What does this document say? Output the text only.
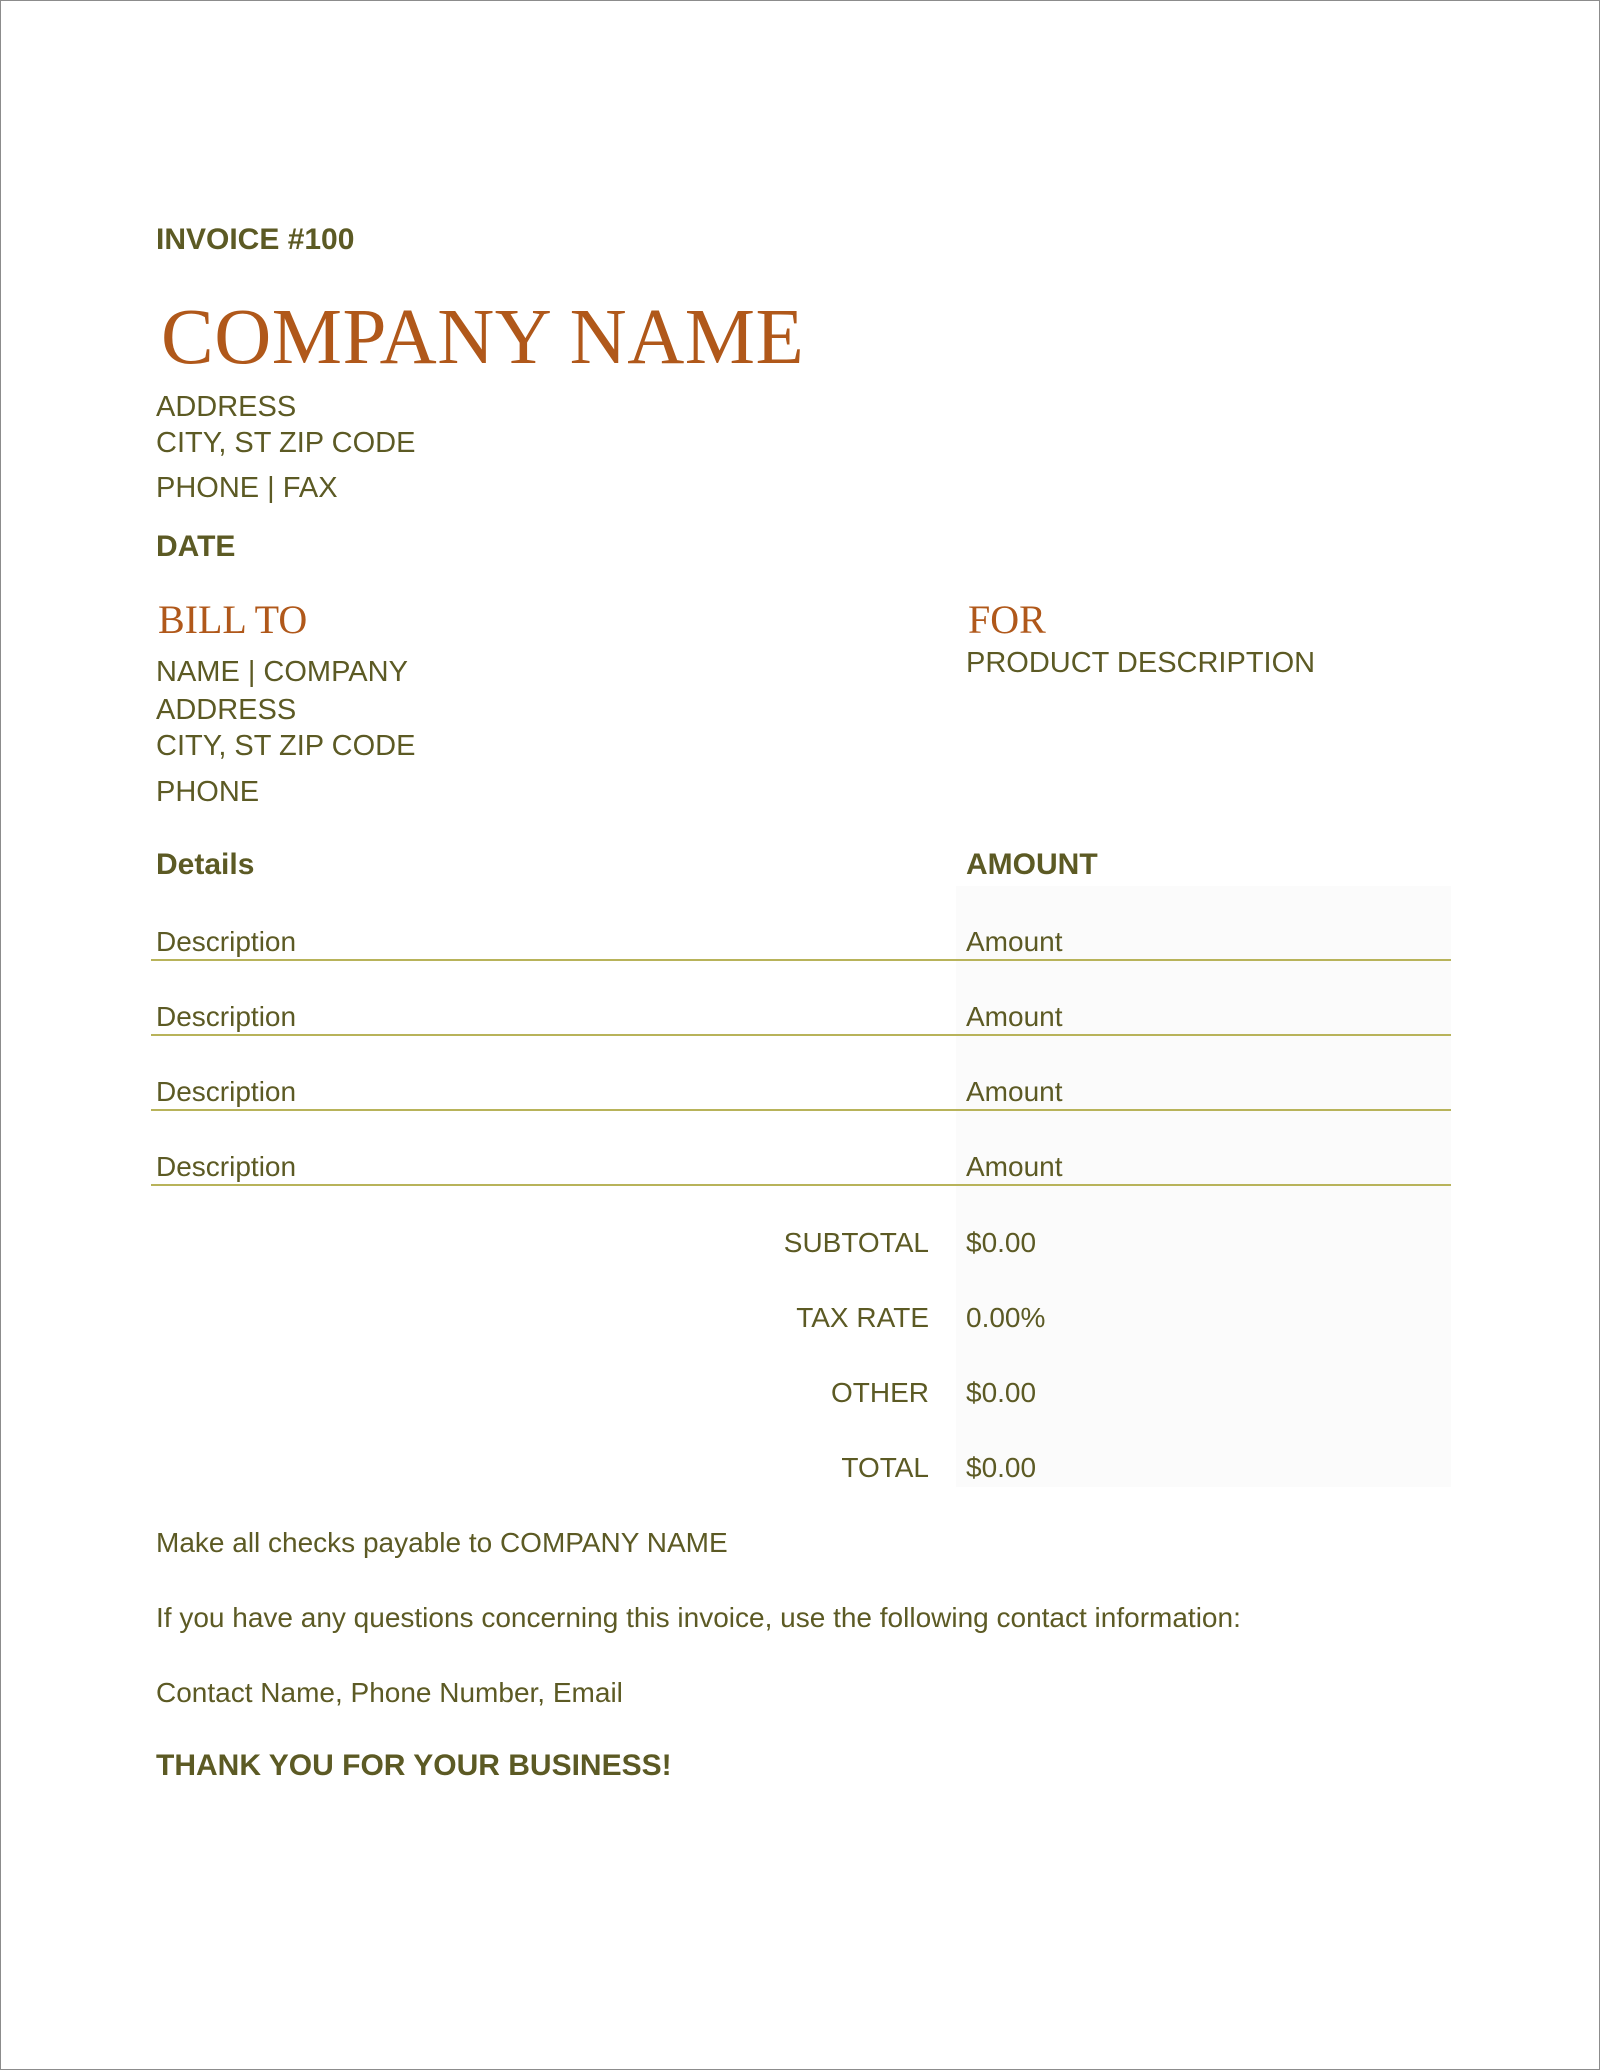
INVOICE #100
COMPANY NAME
ADDRESS
CITY, ST ZIP CODE
PHONE | FAX
DATE
BILL TO
NAME | COMPANY
ADDRESS
CITY, ST ZIP CODE
PHONE
FOR
PRODUCT DESCRIPTION
Details	AMOUNT
Description	Amount
Description	Amount
Description	Amount
Description	Amount
SUBTOTAL $0.00
TAX RATE 0.00%
OTHER $0.00
TOTAL $0.00
Make all checks payable to COMPANY NAME
If you have any questions concerning this invoice, use the following contact information:
Contact Name, Phone Number, Email
THANK YOU FOR YOUR BUSINESS!
